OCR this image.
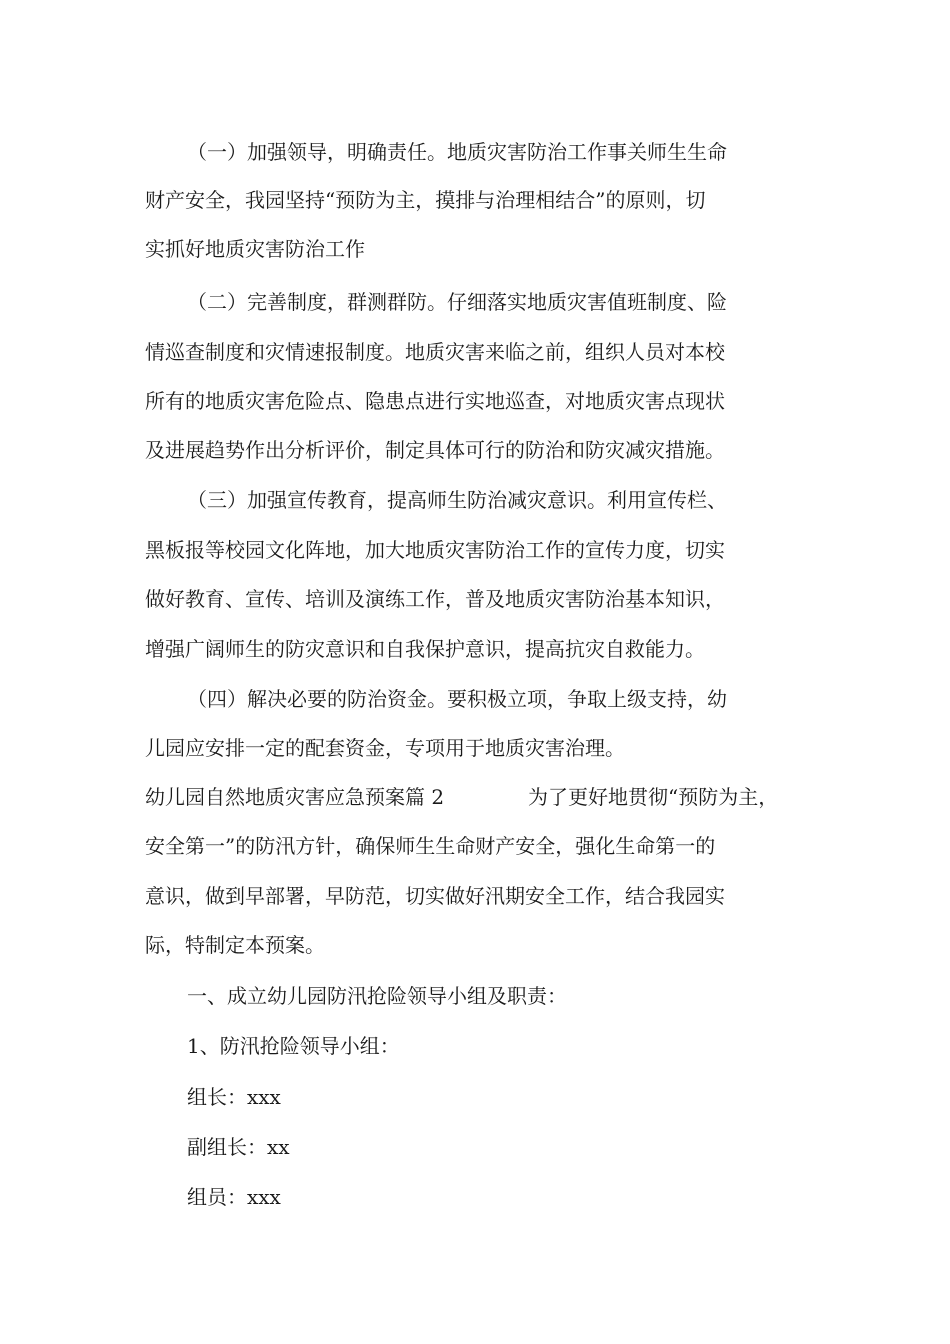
（一）加强领导，明确责任。地质灾害防治工作事关师生生命
财产安全，我园坚持“预防为主，摸排与治理相结合”的原则，切
实抓好地质灾害防治工作
（二）完善制度，群测群防。仔细落实地质灾害值班制度、险
情巡查制度和灾情速报制度。地质灾害来临之前，组织人员对本校
所有的地质灾害危险点、隐患点进行实地巡查，对地质灾害点现状
及进展趋势作出分析评价，制定具体可行的防治和防灾减灾措施。
（三）加强宣传教育，提高师生防治减灾意识。利用宣传栏、
黑板报等校园文化阵地，加大地质灾害防治工作的宣传力度，切实
做好教育、宣传、培训及演练工作，普及地质灾害防治基本知识，
增强广阔师生的防灾意识和自我保护意识，提高抗灾自救能力。
（四）解决必要的防治资金。要积极立项，争取上级支持，幼
儿园应安排一定的配套资金，专项用于地质灾害治理。
幼儿园自然地质灾害应急预案篇 2	为了更好地贯彻“预防为主，
安全第一”的防汛方针，确保师生生命财产安全，强化生命第一的
意识，做到早部署，早防范，切实做好汛期安全工作，结合我园实
际，特制定本预案。
一、成立幼儿园防汛抢险领导小组及职责：
1、防汛抢险领导小组：
组长：xxx
副组长：xx
组员：xxx
